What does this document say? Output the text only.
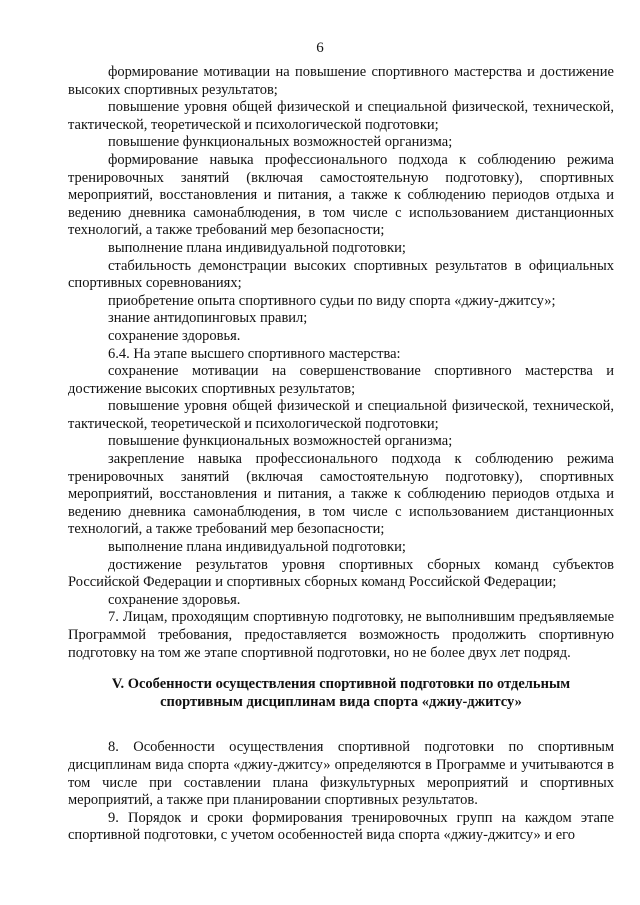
6

формирование мотивации на повышение спортивного мастерства и достижение высоких спортивных результатов;

повышение уровня общей физической и специальной физической, технической, тактической, теоретической и психологической подготовки;

повышение функциональных возможностей организма;

формирование навыка профессионального подхода к соблюдению режима тренировочных занятий (включая самостоятельную подготовку), спортивных мероприятий, восстановления и питания, а также к соблюдению периодов отдыха и ведению дневника самонаблюдения, в том числе с использованием дистанционных технологий, а также требований мер безопасности;

выполнение плана индивидуальной подготовки;

стабильность демонстрации высоких спортивных результатов в официальных спортивных соревнованиях;

приобретение опыта спортивного судьи по виду спорта «джиу-джитсу»;

знание антидопинговых правил;

сохранение здоровья.

6.4. На этапе высшего спортивного мастерства:

сохранение мотивации на совершенствование спортивного мастерства и достижение высоких спортивных результатов;

повышение уровня общей физической и специальной физической, технической, тактической, теоретической и психологической подготовки;

повышение функциональных возможностей организма;

закрепление навыка профессионального подхода к соблюдению режима тренировочных занятий (включая самостоятельную подготовку), спортивных мероприятий, восстановления и питания, а также к соблюдению периодов отдыха и ведению дневника самонаблюдения, в том числе с использованием дистанционных технологий, а также требований мер безопасности;

выполнение плана индивидуальной подготовки;

достижение результатов уровня спортивных сборных команд субъектов Российской Федерации и спортивных сборных команд Российской Федерации;

сохранение здоровья.

7. Лицам, проходящим спортивную подготовку, не выполнившим предъявляемые Программой требования, предоставляется возможность продолжить спортивную подготовку на том же этапе спортивной подготовки, но не более двух лет подряд.

V. Особенности осуществления спортивной подготовки по отдельным спортивным дисциплинам вида спорта «джиу-джитсу»

8. Особенности осуществления спортивной подготовки по спортивным дисциплинам вида спорта «джиу-джитсу» определяются в Программе и учитываются в том числе при составлении плана физкультурных мероприятий и спортивных мероприятий, а также при планировании спортивных результатов.

9. Порядок и сроки формирования тренировочных групп на каждом этапе спортивной подготовки, с учетом особенностей вида спорта «джиу-джитсу» и его
